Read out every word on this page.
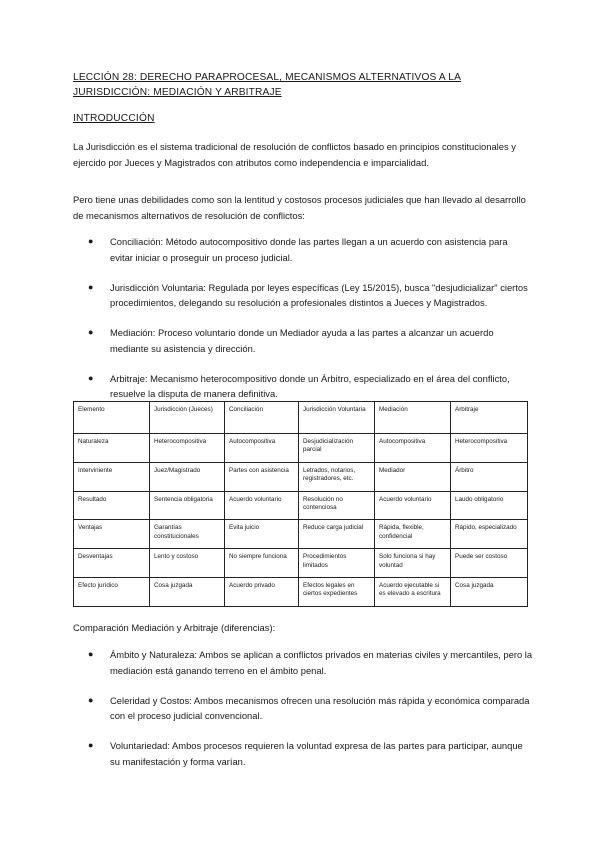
LECCIÓN 28: DERECHO PARAPROCESAL, MECANISMOS ALTERNATIVOS A LA JURISDICCIÓN: MEDIACIÓN Y ARBITRAJE
INTRODUCCIÓN

La Jurisdicción es el sistema tradicional de resolución de conflictos basado en principios constitucionales y ejercido por Jueces y Magistrados con atributos como independencia e imparcialidad.

Pero tiene unas debilidades como son la lentitud y costosos procesos judiciales que han llevado al desarrollo de mecanismos alternativos de resolución de conflictos:

● Conciliación: Método autocompositivo donde las partes llegan a un acuerdo con asistencia para evitar iniciar o proseguir un proceso judicial.
● Jurisdicción Voluntaria: Regulada por leyes específicas (Ley 15/2015), busca "desjudicializar" ciertos procedimientos, delegando su resolución a profesionales distintos a Jueces y Magistrados.
● Mediación: Proceso voluntario donde un Mediador ayuda a las partes a alcanzar un acuerdo mediante su asistencia y dirección.
● Arbitraje: Mecanismo heterocompositivo donde un Árbitro, especializado en el área del conflicto, resuelve la disputa de manera definitiva.
Elemento	Jurisdicción (Jueces)	Conciliación	Jurisdicción Voluntaria	Mediación	Arbitraje
Naturaleza	Heterocompositiva	Autocompositiva	Desjudicialización parcial	Autocompositiva	Heterocompositiva
Interviniente	Juez/Magistrado	Partes con asistencia	Letrados, notarios, registradores, etc.	Mediador	Árbitro
Resultado	Sentencia obligatoria	Acuerdo voluntario	Resolución no contenciosa	Acuerdo voluntario	Laudo obligatorio
Ventajas	Garantías constitucionales	Evita juicio	Reduce carga judicial	Rápida, flexible, confidencial	Rápido, especializado
Desventajas	Lento y costoso	No siempre funciona	Procedimientos limitados	Solo funciona si hay voluntad	Puede ser costoso
Efecto jurídico	Cosa juzgada	Acuerdo privado	Efectos legales en ciertos expedientes	Acuerdo ejecutable si es elevado a escritura	Cosa juzgada

Comparación Mediación y Arbitraje (diferencias):

● Ámbito y Naturaleza: Ambos se aplican a conflictos privados en materias civiles y mercantiles, pero la mediación está ganando terreno en el ámbito penal.
● Celeridad y Costos: Ambos mecanismos ofrecen una resolución más rápida y económica comparada con el proceso judicial convencional.
● Voluntariedad: Ambos procesos requieren la voluntad expresa de las partes para participar, aunque su manifestación y forma varían.
